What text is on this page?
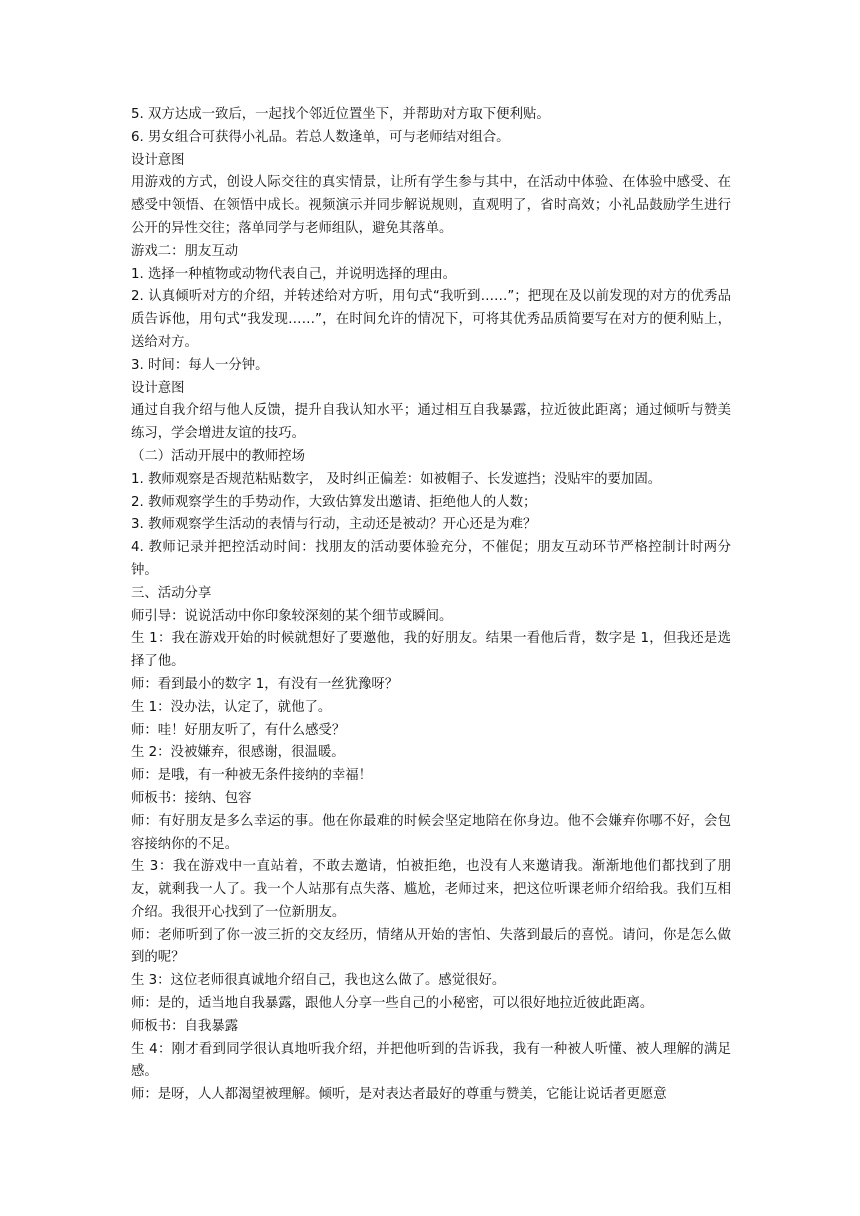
5. 双方达成一致后，一起找个邻近位置坐下，并帮助对方取下便利贴。

6. 男女组合可获得小礼品。若总人数逢单，可与老师结对组合。

设计意图

用游戏的方式，创设人际交往的真实情景，让所有学生参与其中，在活动中体验、在体验中感受、在感受中领悟、在领悟中成长。视频演示并同步解说规则，直观明了，省时高效；小礼品鼓励学生进行公开的异性交往；落单同学与老师组队，避免其落单。

游戏二：朋友互动

1. 选择一种植物或动物代表自己，并说明选择的理由。

2. 认真倾听对方的介绍，并转述给对方听，用句式“我听到……”；把现在及以前发现的对方的优秀品质告诉他，用句式“我发现……”，在时间允许的情况下，可将其优秀品质简要写在对方的便利贴上，送给对方。

3. 时间：每人一分钟。

设计意图

通过自我介绍与他人反馈，提升自我认知水平；通过相互自我暴露，拉近彼此距离；通过倾听与赞美练习，学会增进友谊的技巧。

（二）活动开展中的教师控场

1. 教师观察是否规范粘贴数字， 及时纠正偏差：如被帽子、长发遮挡；没贴牢的要加固。

2. 教师观察学生的手势动作，大致估算发出邀请、拒绝他人的人数；

3. 教师观察学生活动的表情与行动，主动还是被动？开心还是为难？

4. 教师记录并把控活动时间：找朋友的活动要体验充分，不催促；朋友互动环节严格控制计时两分钟。

三、活动分享

师引导：说说活动中你印象较深刻的某个细节或瞬间。

生 1：我在游戏开始的时候就想好了要邀他，我的好朋友。结果一看他后背，数字是 1，但我还是选择了他。

师：看到最小的数字 1，有没有一丝犹豫呀？

生 1：没办法，认定了，就他了。

师：哇！好朋友听了，有什么感受？

生 2：没被嫌弃，很感谢，很温暖。

师：是哦，有一种被无条件接纳的幸福！

师板书：接纳、包容

师：有好朋友是多么幸运的事。他在你最难的时候会坚定地陪在你身边。他不会嫌弃你哪不好，会包容接纳你的不足。

生 3：我在游戏中一直站着，不敢去邀请，怕被拒绝，也没有人来邀请我。渐渐地他们都找到了朋友，就剩我一人了。我一个人站那有点失落、尴尬，老师过来，把这位听课老师介绍给我。我们互相介绍。我很开心找到了一位新朋友。

师：老师听到了你一波三折的交友经历，情绪从开始的害怕、失落到最后的喜悦。请问，你是怎么做到的呢？

生 3：这位老师很真诚地介绍自己，我也这么做了。感觉很好。

师：是的，适当地自我暴露，跟他人分享一些自己的小秘密，可以很好地拉近彼此距离。

师板书：自我暴露

生 4：刚才看到同学很认真地听我介绍，并把他听到的告诉我，我有一种被人听懂、被人理解的满足感。

师：是呀，人人都渴望被理解。倾听，是对表达者最好的尊重与赞美，它能让说话者更愿意
